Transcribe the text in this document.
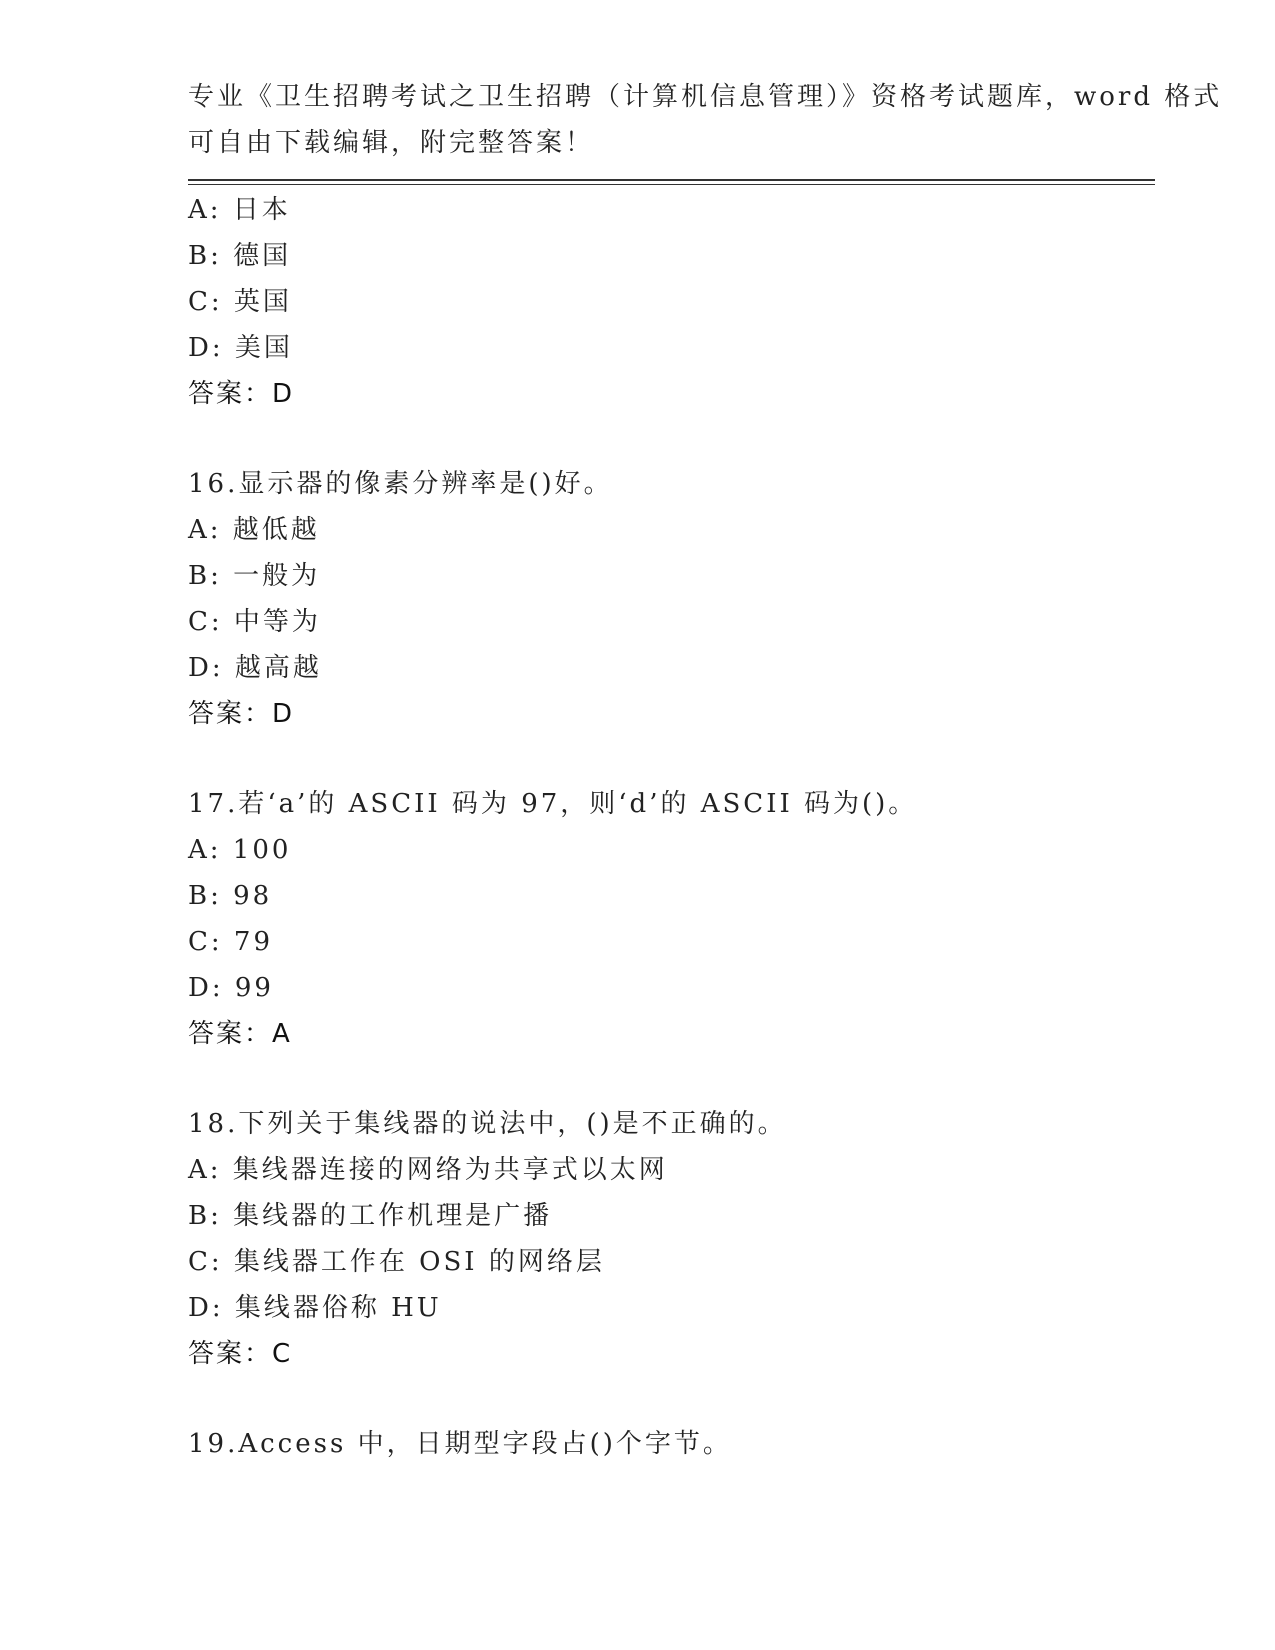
专业《卫生招聘考试之卫生招聘（计算机信息管理）》资格考试题库，word 格式
可自由下载编辑，附完整答案！
A: 日本
B: 德国
C: 英国
D: 美国
答案：D
16.显示器的像素分辨率是()好。
A: 越低越
B: 一般为
C: 中等为
D: 越高越
答案：D
17.若‘a’的 ASCII 码为 97，则‘d’的 ASCII 码为()。
A: 100
B: 98
C: 79
D: 99
答案：A
18.下列关于集线器的说法中，()是不正确的。
A: 集线器连接的网络为共享式以太网
B: 集线器的工作机理是广播
C: 集线器工作在 OSI 的网络层
D: 集线器俗称 HU
答案：C
19.Access 中，日期型字段占()个字节。
